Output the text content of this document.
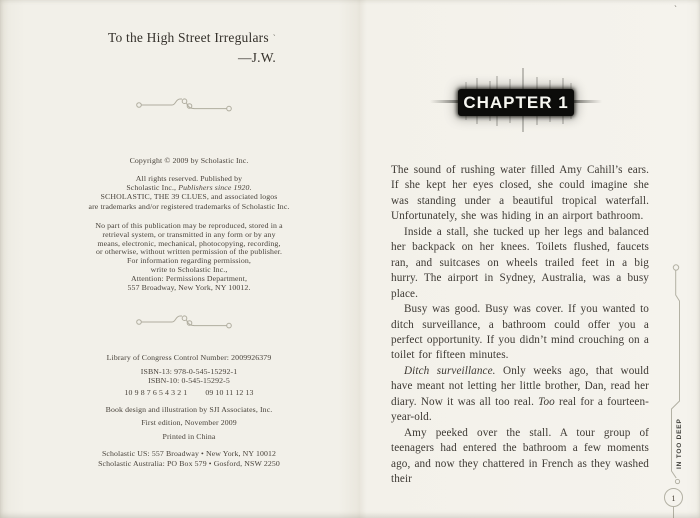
To the High Street Irregulars ˋ
—J.W.
Copyright © 2009 by Scholastic Inc.
All rights reserved. Published by
Scholastic Inc., Publishers since 1920.
SCHOLASTIC, THE 39 CLUES, and associated logos
are trademarks and/or registered trademarks of Scholastic Inc.
No part of this publication may be reproduced, stored in a
retrieval system, or transmitted in any form or by any
means, electronic, mechanical, photocopying, recording,
or otherwise, without written permission of the publisher.
For information regarding permission,
write to Scholastic Inc.,
Attention: Permissions Department,
557 Broadway, New York, NY 10012.
Library of Congress Control Number: 2009926379
ISBN-13: 978-0-545-15292-1
ISBN-10: 0-545-15292-5
10 9 8 7 6 5 4 3 2 1 09 10 11 12 13
Book design and illustration by SJI Associates, Inc.
First edition, November 2009
Printed in China
Scholastic US: 557 Broadway • New York, NY 10012
Scholastic Australia: PO Box 579 • Gosford, NSW 2250
ˋ
CHAPTER 1

The sound of rushing water filled Amy Cahill’s ears. If she kept her eyes closed, she could imagine she was standing under a beautiful tropical waterfall. Unfortunately, she was hiding in an airport bathroom.

Inside a stall, she tucked up her legs and balanced her backpack on her knees. Toilets flushed, faucets ran, and suitcases on wheels trailed feet in a big hurry. The airport in Sydney, Australia, was a busy place.

Busy was good. Busy was cover. If you wanted to ditch surveillance, a bathroom could offer you a perfect opportunity. If you didn’t mind crouching on a toilet for fifteen minutes.

Ditch surveillance. Only weeks ago, that would have meant not letting her little brother, Dan, read her diary. Now it was all too real. Too real for a fourteen-year-old.

Amy peeked over the stall. A tour group of teenagers had entered the bathroom a few moments ago, and now they chattered in French as they washed their

1
IN TOO DEEP
